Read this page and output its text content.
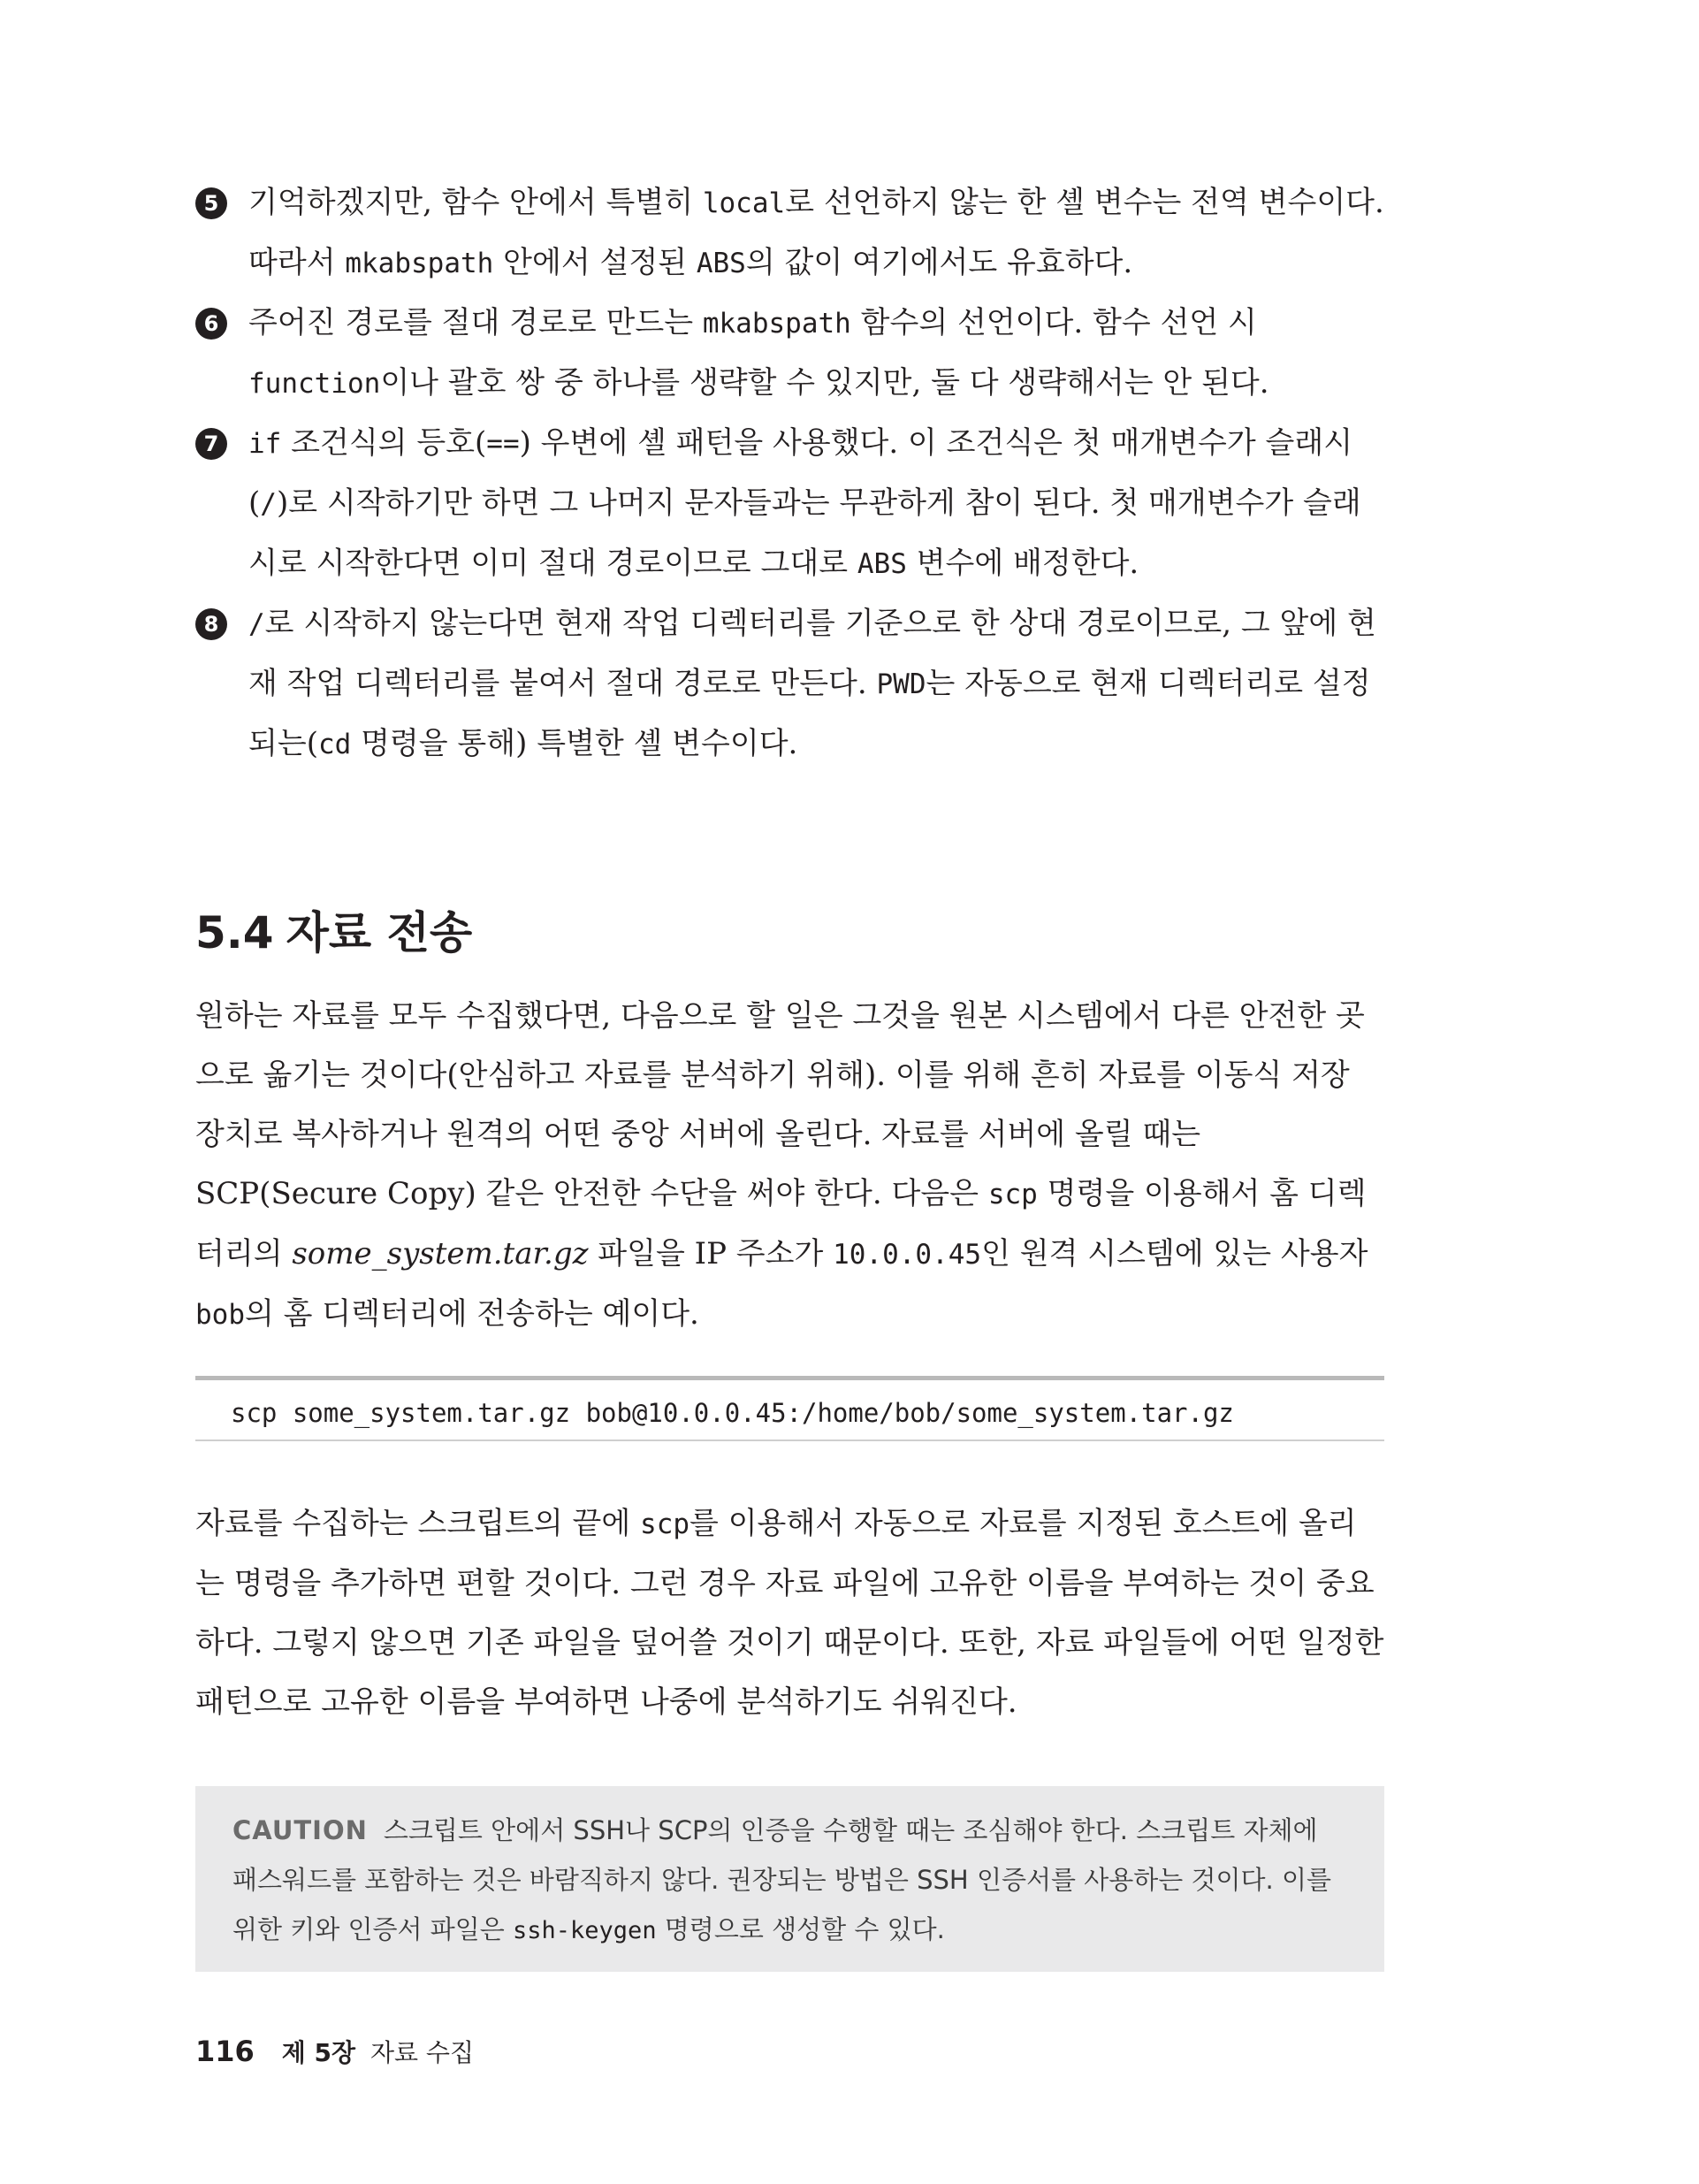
5 기억하겠지만, 함수 안에서 특별히 local로 선언하지 않는 한 셸 변수는 전역 변수이다. 따라서 mkabspath 안에서 설정된 ABS의 값이 여기에서도 유효하다.

6 주어진 경로를 절대 경로로 만드는 mkabspath 함수의 선언이다. 함수 선언 시 function이나 괄호 쌍 중 하나를 생략할 수 있지만, 둘 다 생략해서는 안 된다.

7	if 조건식의 등호(==) 우변에 셸 패턴을 사용했다. 이 조건식은 첫 매개변수가 슬래시(/)로 시작하기만 하면 그 나머지 문자들과는 무관하게 참이 된다. 첫 매개변수가 슬래시로 시작한다면 이미 절대 경로이므로 그대로 ABS 변수에 배정한다.

8	/로 시작하지 않는다면 현재 작업 디렉터리를 기준으로 한 상대 경로이므로, 그 앞에 현재 작업 디렉터리를 붙여서 절대 경로로 만든다. PWD는 자동으로 현재 디렉터리로 설정되는(cd 명령을 통해) 특별한 셸 변수이다.

5.4 자료 전송

원하는 자료를 모두 수집했다면, 다음으로 할 일은 그것을 원본 시스템에서 다른 안전한 곳으로 옮기는 것이다(안심하고 자료를 분석하기 위해). 이를 위해 흔히 자료를 이동식 저장 장치로 복사하거나 원격의 어떤 중앙 서버에 올린다. 자료를 서버에 올릴 때는 SCP(Secure Copy) 같은 안전한 수단을 써야 한다. 다음은 scp 명령을 이용해서 홈 디렉터리의 some_system.tar.gz 파일을 IP 주소가 10.0.0.45인 원격 시스템에 있는 사용자 bob의 홈 디렉터리에 전송하는 예이다.

scp some_system.tar.gz bob@10.0.0.45:/home/bob/some_system.tar.gz

자료를 수집하는 스크립트의 끝에 scp를 이용해서 자동으로 자료를 지정된 호스트에 올리는 명령을 추가하면 편할 것이다. 그런 경우 자료 파일에 고유한 이름을 부여하는 것이 중요하다. 그렇지 않으면 기존 파일을 덮어쓸 것이기 때문이다. 또한, 자료 파일들에 어떤 일정한 패턴으로 고유한 이름을 부여하면 나중에 분석하기도 쉬워진다.

CAUTION 스크립트 안에서 SSH나 SCP의 인증을 수행할 때는 조심해야 한다. 스크립트 자체에 패스워드를 포함하는 것은 바람직하지 않다. 권장되는 방법은 SSH 인증서를 사용하는 것이다. 이를 위한 키와 인증서 파일은 ssh-keygen 명령으로 생성할 수 있다.
116 제 5장 자료 수집
